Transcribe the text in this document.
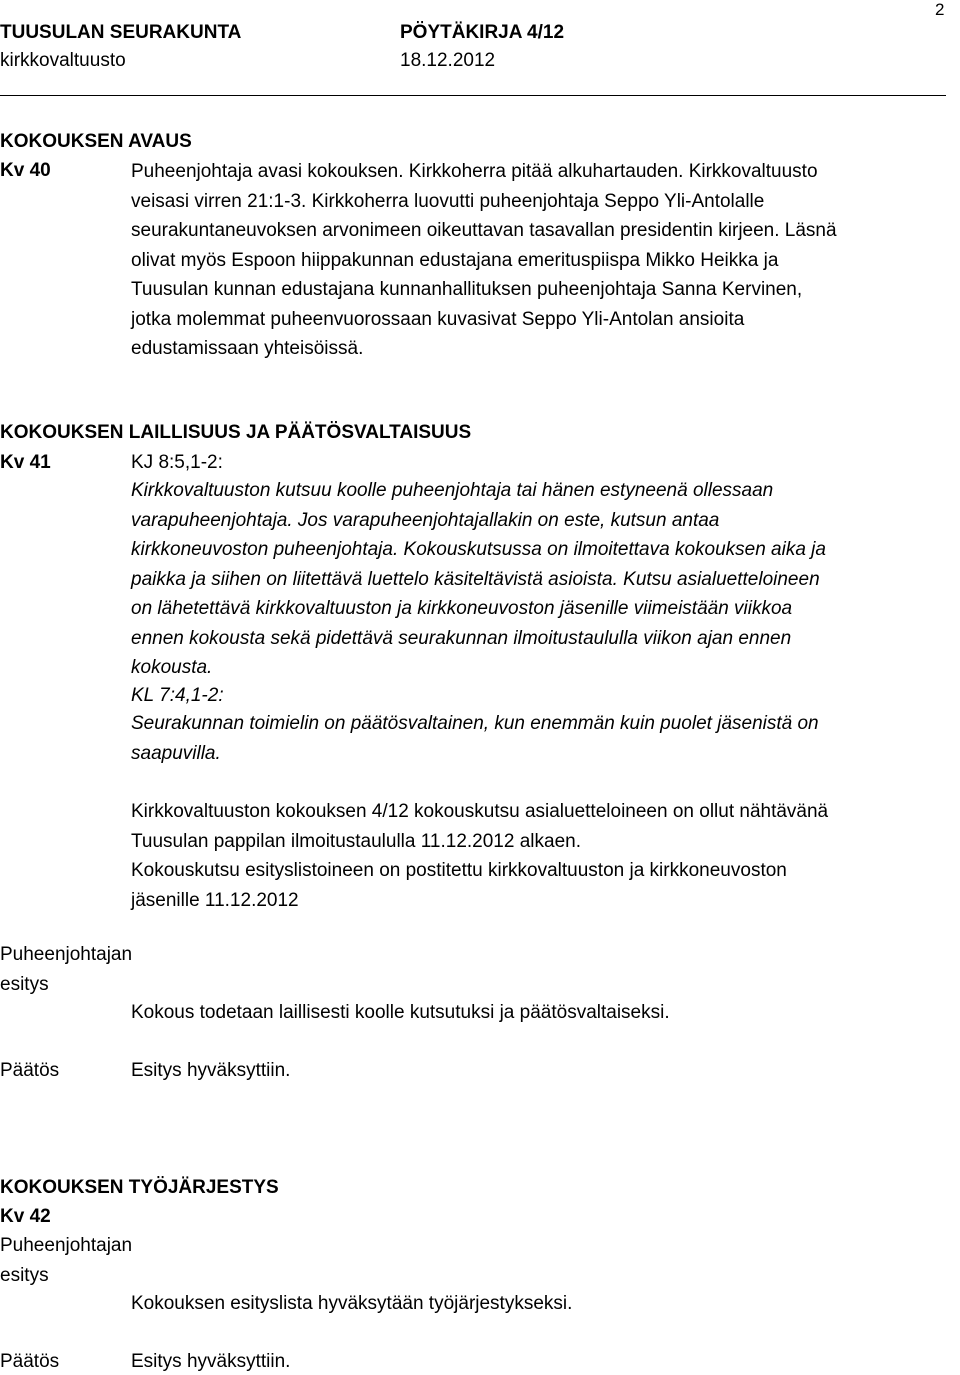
TUUSULAN SEURAKUNTA	PÖYTÄKIRJA 4/12
kirkkovaltuusto	18.12.2012
2
KOKOUKSEN AVAUS
Kv 40	Puheenjohtaja avasi kokouksen. Kirkkoherra pitää alkuhartauden. Kirkkovaltuusto
veisasi virren 21:1-3. Kirkkoherra luovutti puheenjohtaja Seppo Yli-Antolalle
seurakuntaneuvoksen arvonimeen oikeuttavan tasavallan presidentin kirjeen. Läsnä
olivat myös Espoon hiippakunnan edustajana emerituspiispa Mikko Heikka ja
Tuusulan kunnan edustajana kunnanhallituksen puheenjohtaja Sanna Kervinen,
jotka molemmat puheenvuorossaan kuvasivat Seppo Yli-Antolan ansioita
edustamissaan yhteisöissä.
KOKOUKSEN LAILLISUUS JA PÄÄTÖSVALTAISUUS
Kv 41	KJ 8:5,1-2:
Kirkkovaltuuston kutsuu koolle puheenjohtaja tai hänen estyneenä ollessaan
varapuheenjohtaja. Jos varapuheenjohtajallakin on este, kutsun antaa
kirkkoneuvoston puheenjohtaja. Kokouskutsussa on ilmoitettava kokouksen aika ja
paikka ja siihen on liitettävä luettelo käsiteltävistä asioista. Kutsu asialuetteloineen
on lähetettävä kirkkovaltuuston ja kirkkoneuvoston jäsenille viimeistään viikkoa
ennen kokousta sekä pidettävä seurakunnan ilmoitustaululla viikon ajan ennen
kokousta.
KL 7:4,1-2:
Seurakunnan toimielin on päätösvaltainen, kun enemmän kuin puolet jäsenistä on
saapuvilla.
Kirkkovaltuuston kokouksen 4/12 kokouskutsu asialuetteloineen on ollut nähtävänä
Tuusulan pappilan ilmoitustaululla 11.12.2012 alkaen.
Kokouskutsu esityslistoineen on postitettu kirkkovaltuuston ja kirkkoneuvoston
jäsenille 11.12.2012
Puheenjohtajan
esitys
Kokous todetaan laillisesti koolle kutsutuksi ja päätösvaltaiseksi.
Päätös	Esitys hyväksyttiin.
KOKOUKSEN TYÖJÄRJESTYS
Kv 42
Puheenjohtajan
esitys
Kokouksen esityslista hyväksytään työjärjestykseksi.
Päätös	Esitys hyväksyttiin.
